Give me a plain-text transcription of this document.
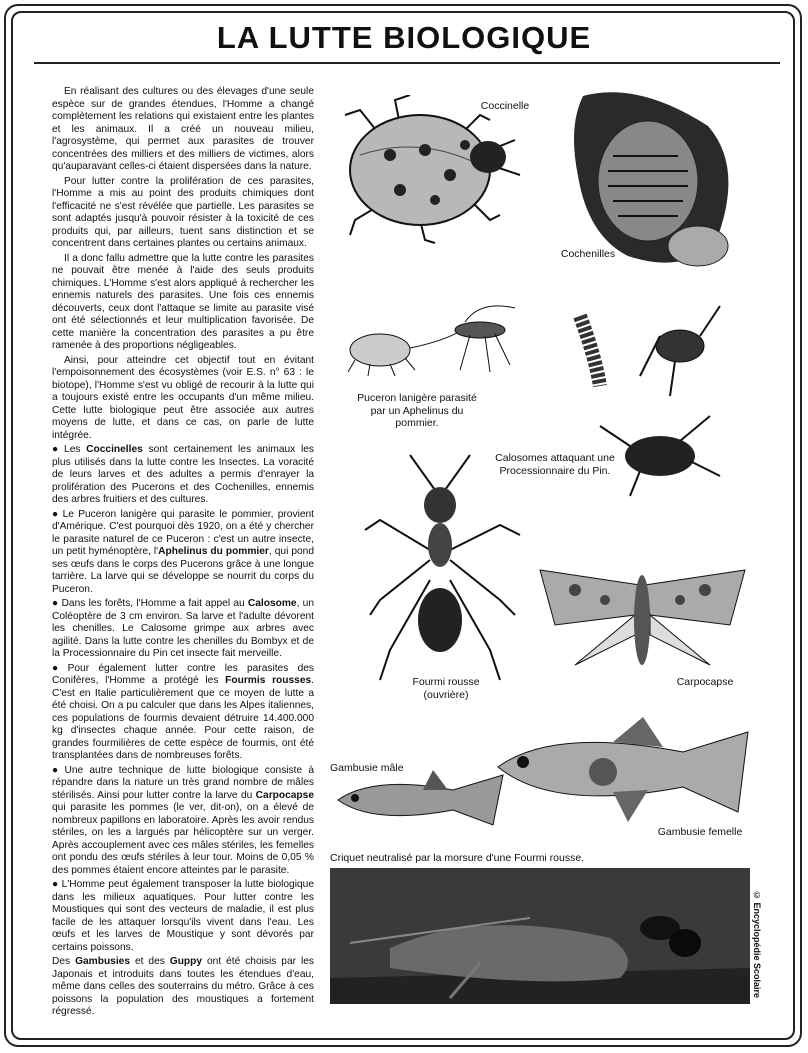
LA LUTTE BIOLOGIQUE

En réalisant des cultures ou des élevages d'une seule espèce sur de grandes étendues, l'Homme a changé complètement les relations qui existaient entre les plantes et les animaux. Il a créé un nouveau milieu, l'agrosystème, qui permet aux parasites de trouver concentrées des milliers et des milliers de victimes, alors qu'auparavant celles-ci étaient dispersées dans la nature.

Pour lutter contre la prolifération de ces parasites, l'Homme a mis au point des produits chimiques dont l'efficacité ne s'est révélée que partielle. Les parasites se sont adaptés jusqu'à pouvoir résister à la toxicité de ces produits qui, par ailleurs, tuent sans distinction et se concentrent dans certaines plantes ou certains animaux.

Il a donc fallu admettre que la lutte contre les parasites ne pouvait être menée à l'aide des seuls produits chimiques. L'Homme s'est alors appliqué à rechercher les ennemis naturels des parasites. Une fois ces ennemis découverts, ceux dont l'attaque se limite au parasite visé ont été sélectionnés et leur multiplication favorisée. De cette manière la concentration des parasites a pu être ramenée à des proportions négligeables.

Ainsi, pour atteindre cet objectif tout en évitant l'empoisonnement des écosystèmes (voir E.S. n° 63 : le biotope), l'Homme s'est vu obligé de recourir à la lutte qui a toujours existé entre les occupants d'un même milieu. Cette lutte biologique peut être associée aux autres moyens de lutte, et dans ce cas, on parle de lutte intégrée.

● Les Coccinelles sont certainement les animaux les plus utilisés dans la lutte contre les Insectes. La voracité de leurs larves et des adultes a permis d'enrayer la prolifération des Pucerons et des Cochenilles, ennemis des arbres fruitiers et des cultures.

● Le Puceron lanigère qui parasite le pommier, provient d'Amérique. C'est pourquoi dès 1920, on a été y chercher le parasite naturel de ce Puceron : c'est un autre insecte, un petit hyménoptère, l'Aphelinus du pommier, qui pond ses œufs dans le corps des Pucerons grâce à une longue tarrière. La larve qui se développe se nourrit du corps du Puceron.

● Dans les forêts, l'Homme a fait appel au Calosome, un Coléoptère de 3 cm environ. Sa larve et l'adulte dévorent les chenilles. Le Calosome grimpe aux arbres avec agilité. Dans la lutte contre les chenilles du Bombyx et de la Processionnaire du Pin cet insecte fait merveille.

● Pour également lutter contre les parasites des Conifères, l'Homme a protégé les Fourmis rousses. C'est en Italie particulièrement que ce moyen de lutte a été choisi. On a pu calculer que dans les Alpes italiennes, ces populations de fourmis devaient détruire 14.400.000 kg d'insectes chaque année. Pour cette raison, de grandes fourmilières de cette espèce de fourmis, ont été transplantées dans de nombreuses forêts.

● Une autre technique de lutte biologique consiste à répandre dans la nature un très grand nombre de mâles stérilisés. Ainsi pour lutter contre la larve du Carpocapse qui parasite les pommes (le ver, dit-on), on a élevé de nombreux papillons en laboratoire. Après les avoir rendus stériles, on les a largués par hélicoptère sur un verger. Après accouplement avec ces mâles stériles, les femelles ont pondu des œufs stériles à leur tour. Moins de 0,05 % des pommes étaient encore atteintes par le parasite.

● L'Homme peut également transposer la lutte biologique dans les milieux aquatiques. Pour lutter contre les Moustiques qui sont des vecteurs de maladie, il est plus facile de les attaquer lorsqu'ils vivent dans l'eau. Les œufs et les larves de Moustique y sont dévorés par certains poissons.

Des Gambusies et des Guppy ont été choisis par les Japonais et introduits dans toutes les étendues d'eau, même dans celles des souterrains du métro. Grâce à ces poissons la population des moustiques a fortement régressé.

Coccinelle
Cochenilles
Puceron lanigère parasité par un Aphelinus du pommier.
Calosomes attaquant une Processionnaire du Pin.
Fourmi rousse (ouvrière)
Carpocapse
Gambusie mâle
Gambusie femelle
Criquet neutralisé par la morsure d'une Fourmi rousse.
© Encyclopédie Scolaire
